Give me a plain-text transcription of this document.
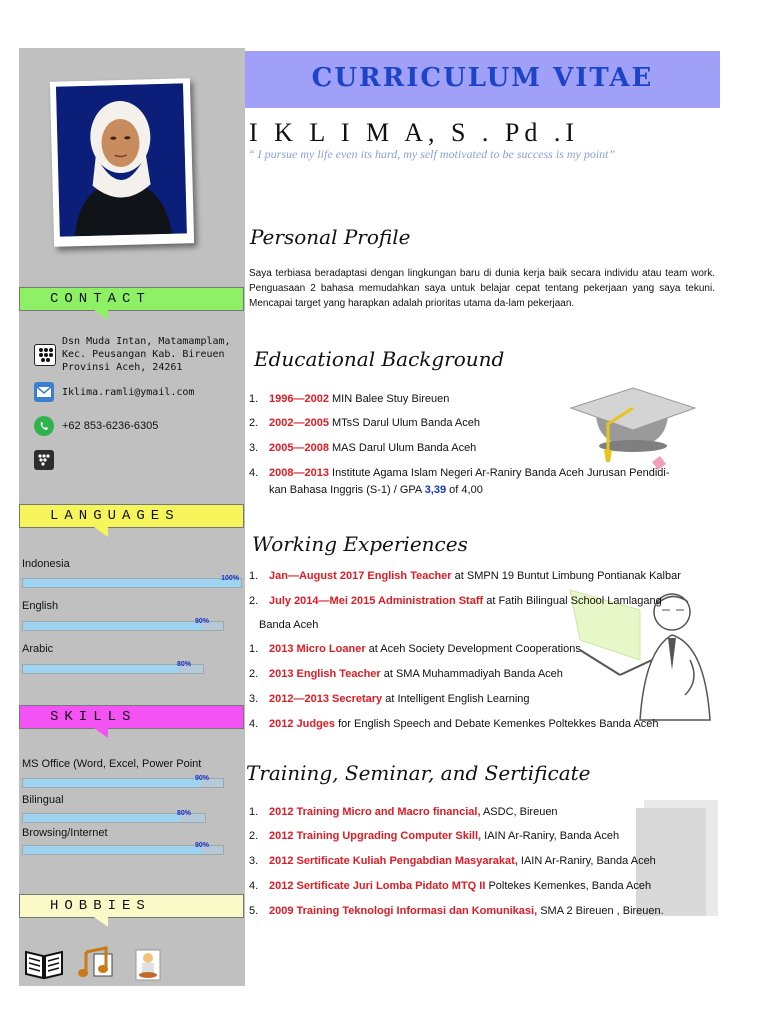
CONTACT
Dsn Muda Intan, Matamamplam,
Kec. Peusangan Kab. Bireuen
Provinsi Aceh, 24261
Iklima.ramli@ymail.com
+62 853-6236-6305
LANGUAGES
Indonesia
100%
English
90%
Arabic
80%
SKILLS
MS Office (Word, Excel, Power Point
90%
Bilingual
80%
Browsing/Internet
90%
HOBBIES
CURRICULUM VITAE
I K L I M A, S . Pd .I
“ I pursue my life even its hard, my self motivated to be success is my point”
Personal Profile
Saya terbiasa beradaptasi dengan lingkungan baru di dunia kerja baik secara individu atau team work. Penguasaan 2 bahasa memudahkan saya untuk belajar cepat tentang pekerjaan yang saya tekuni. Mencapai target yang harapkan adalah prioritas utama da-lam pekerjaan.
Educational Background
1. 1996—2002 MIN Balee Stuy Bireuen
2. 2002—2005 MTsS Darul Ulum Banda Aceh
3. 2005—2008 MAS Darul Ulum Banda Aceh
4. 2008—2013 Institute Agama Islam Negeri Ar-Raniry Banda Aceh Jurusan Pendidi-
kan Bahasa Inggris (S-1) / GPA 3,39 of 4,00
Working Experiences
1. Jan—August 2017 English Teacher at SMPN 19 Buntut Limbung Pontianak Kalbar
2. July 2014—Mei 2015 Administration Staff at Fatih Bilingual School Lamlagang
Banda Aceh
1. 2013 Micro Loaner at Aceh Society Development Cooperations
2. 2013 English Teacher at SMA Muhammadiyah Banda Aceh
3. 2012—2013 Secretary at Intelligent English Learning
4. 2012 Judges for English Speech and Debate Kemenkes Poltekkes Banda Aceh
Training, Seminar, and Sertificate
1. 2012 Training Micro and Macro financial, ASDC, Bireuen
2. 2012 Training Upgrading Computer Skill, IAIN Ar-Raniry, Banda Aceh
3. 2012 Sertificate Kuliah Pengabdian Masyarakat, IAIN Ar-Raniry, Banda Aceh
4. 2012 Sertificate Juri Lomba Pidato MTQ II Poltekes Kemenkes, Banda Aceh
5. 2009 Training Teknologi Informasi dan Komunikasi, SMA 2 Bireuen , Bireuen.
